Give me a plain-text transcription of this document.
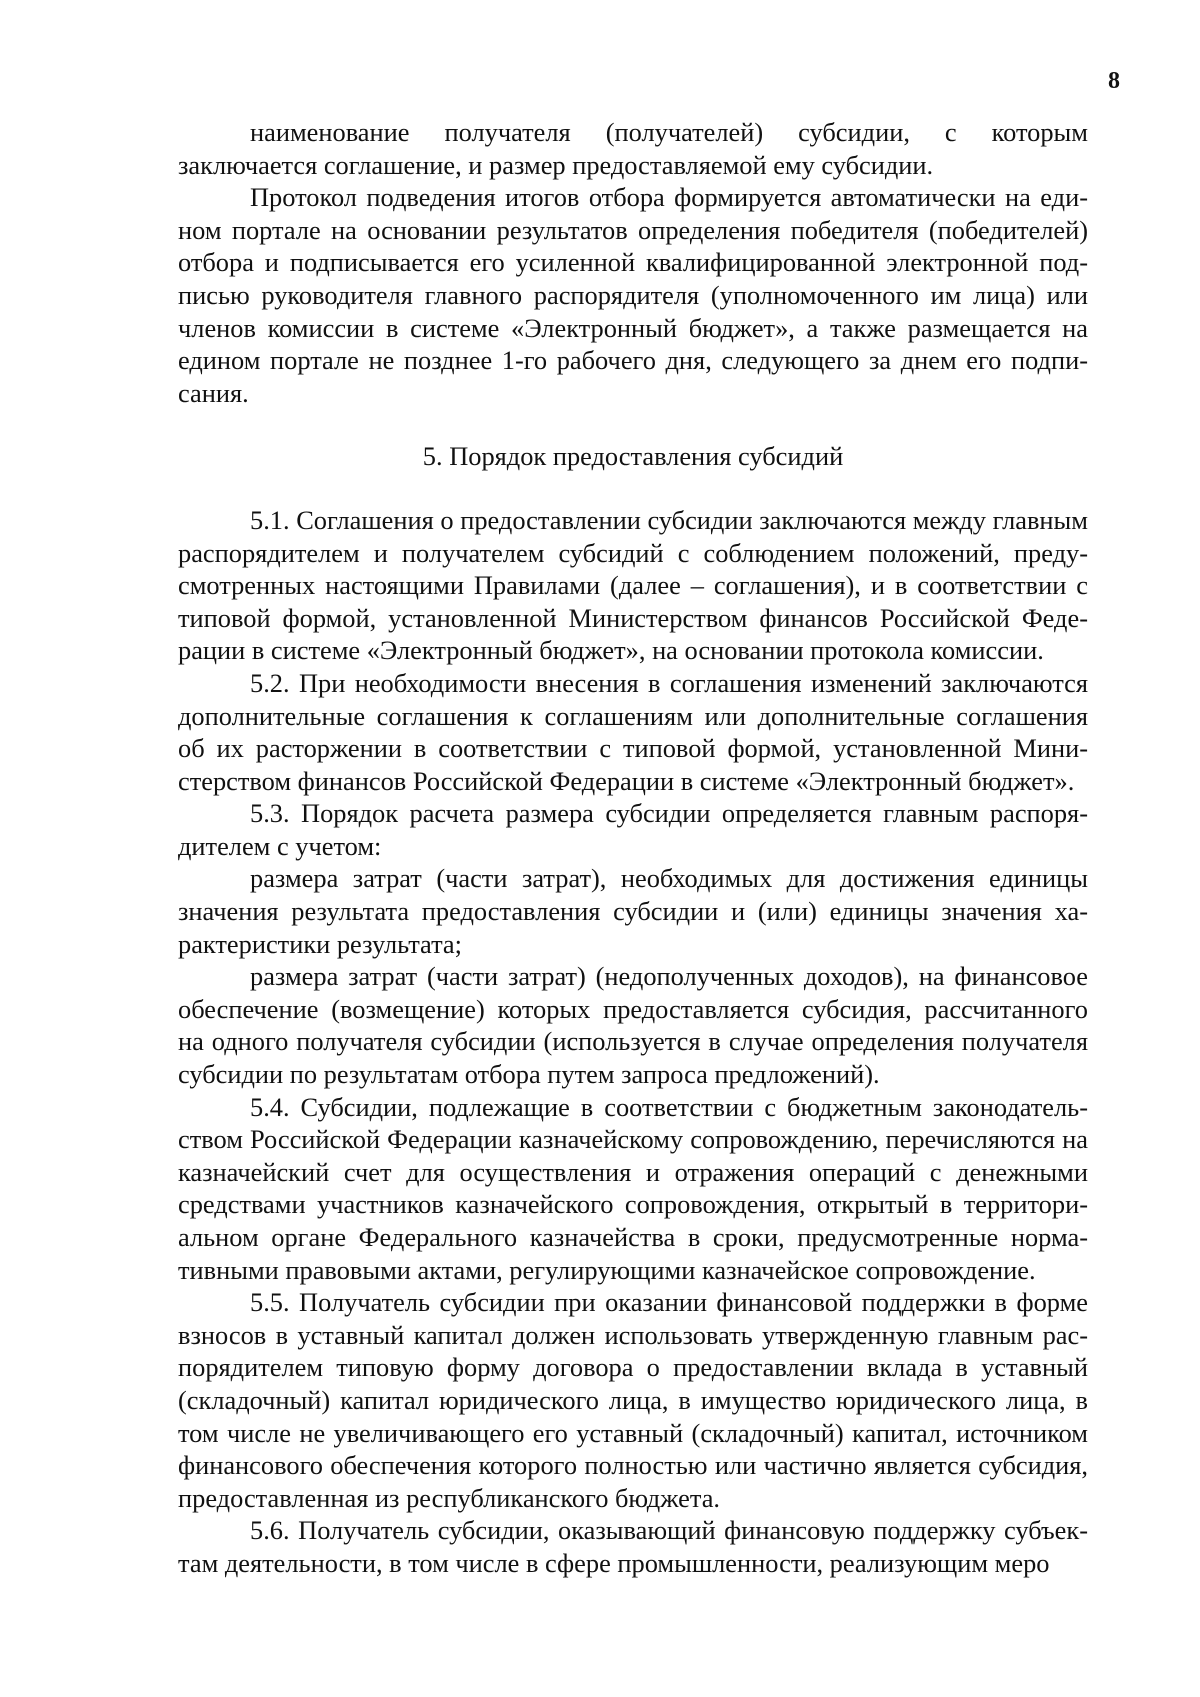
8

наименование получателя (получателей) субсидии, с которым заключается соглашение, и размер предоставляемой ему субсидии.

Протокол подведения итогов отбора формируется автоматически на едином портале на основании результатов определения победителя (победителей) отбора и подписывается его усиленной квалифицированной электронной подписью руководителя главного распорядителя (уполномоченного им лица) или членов комиссии в системе «Электронный бюджет», а также размещается на едином портале не позднее 1-го рабочего дня, следующего за днем его подписания.

5. Порядок предоставления субсидий

5.1. Соглашения о предоставлении субсидии заключаются между главным распорядителем и получателем субсидий с соблюдением положений, предусмотренных настоящими Правилами (далее – соглашения), и в соответствии с типовой формой, установленной Министерством финансов Российской Федерации в системе «Электронный бюджет», на основании протокола комиссии.

5.2. При необходимости внесения в соглашения изменений заключаются дополнительные соглашения к соглашениям или дополнительные соглашения об их расторжении в соответствии с типовой формой, установленной Министерством финансов Российской Федерации в системе «Электронный бюджет».

5.3. Порядок расчета размера субсидии определяется главным распорядителем с учетом:

размера затрат (части затрат), необходимых для достижения единицы значения результата предоставления субсидии и (или) единицы значения характеристики результата;

размера затрат (части затрат) (недополученных доходов), на финансовое обеспечение (возмещение) которых предоставляется субсидия, рассчитанного на одного получателя субсидии (используется в случае определения получателя субсидии по результатам отбора путем запроса предложений).

5.4. Субсидии, подлежащие в соответствии с бюджетным законодательством Российской Федерации казначейскому сопровождению, перечисляются на казначейский счет для осуществления и отражения операций с денежными средствами участников казначейского сопровождения, открытый в территориальном органе Федерального казначейства в сроки, предусмотренные нормативными правовыми актами, регулирующими казначейское сопровождение.

5.5. Получатель субсидии при оказании финансовой поддержки в форме взносов в уставный капитал должен использовать утвержденную главным распорядителем типовую форму договора о предоставлении вклада в уставный (складочный) капитал юридического лица, в имущество юридического лица, в том числе не увеличивающего его уставный (складочный) капитал, источником финансового обеспечения которого полностью или частично является субсидия, предоставленная из республиканского бюджета.

5.6. Получатель субсидии, оказывающий финансовую поддержку субъектам деятельности, в том числе в сфере промышленности, реализующим меро
